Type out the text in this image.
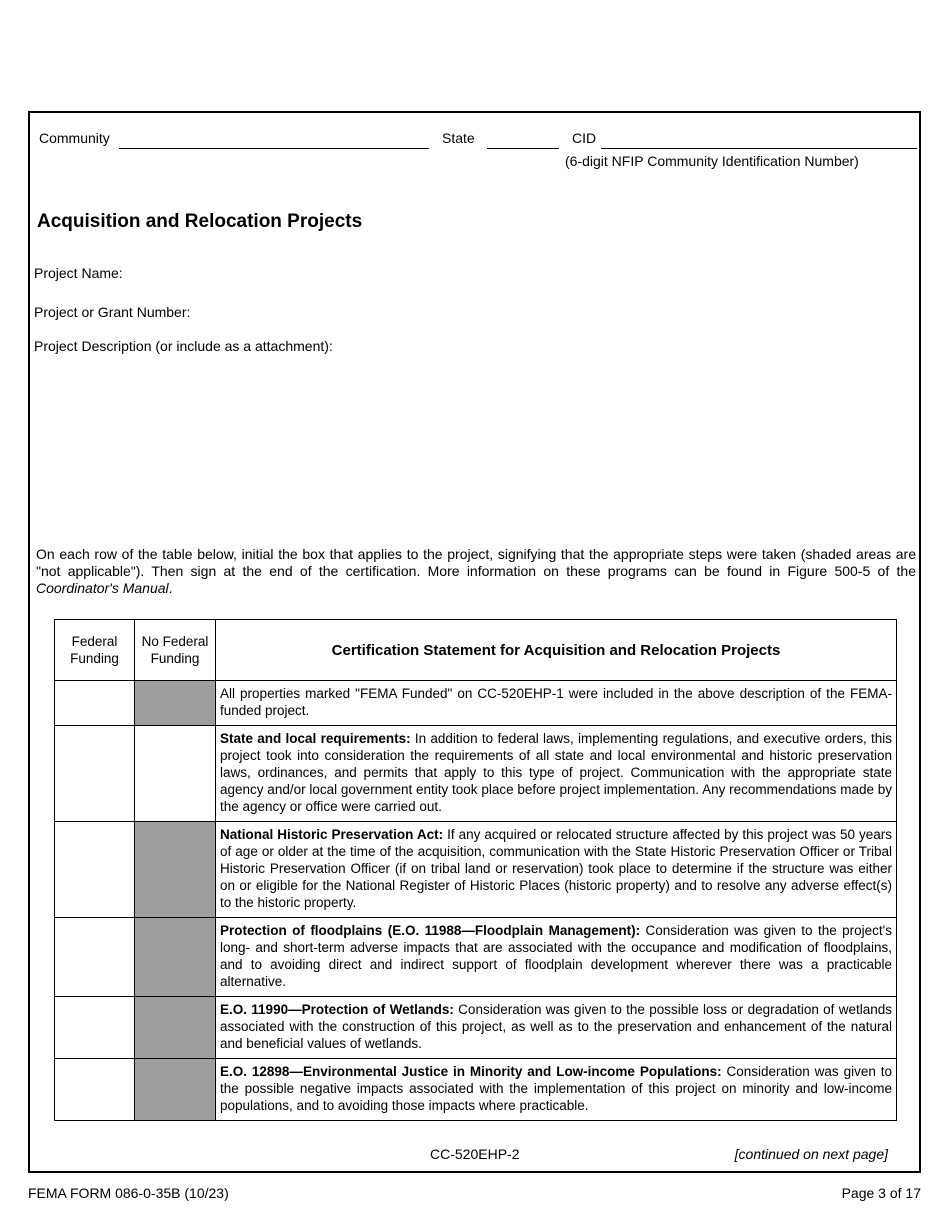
Community	State	CID
(6-digit NFIP Community Identification Number)
Acquisition and Relocation Projects
Project Name:
Project or Grant Number:
Project Description (or include as a attachment):
On each row of the table below, initial the box that applies to the project, signifying that the appropriate steps were taken (shaded areas are "not applicable"). Then sign at the end of the certification. More information on these programs can be found in Figure 500-5 of the Coordinator's Manual.
Federal Funding	No Federal Funding	Certification Statement for Acquisition and Relocation Projects
		All properties marked "FEMA Funded" on CC-520EHP-1 were included in the above description of the FEMA-funded project.
		State and local requirements: In addition to federal laws, implementing regulations, and executive orders, this project took into consideration the requirements of all state and local environmental and historic preservation laws, ordinances, and permits that apply to this type of project. Communication with the appropriate state agency and/or local government entity took place before project implementation. Any recommendations made by the agency or office were carried out.
		National Historic Preservation Act: If any acquired or relocated structure affected by this project was 50 years of age or older at the time of the acquisition, communication with the State Historic Preservation Officer or Tribal Historic Preservation Officer (if on tribal land or reservation) took place to determine if the structure was either on or eligible for the National Register of Historic Places (historic property) and to resolve any adverse effect(s) to the historic property.
		Protection of floodplains (E.O. 11988—Floodplain Management): Consideration was given to the project's long- and short-term adverse impacts that are associated with the occupance and modification of floodplains, and to avoiding direct and indirect support of floodplain development wherever there was a practicable alternative.
		E.O. 11990—Protection of Wetlands: Consideration was given to the possible loss or degradation of wetlands associated with the construction of this project, as well as to the preservation and enhancement of the natural and beneficial values of wetlands.
		E.O. 12898—Environmental Justice in Minority and Low-income Populations: Consideration was given to the possible negative impacts associated with the implementation of this project on minority and low-income populations, and to avoiding those impacts where practicable.
CC-520EHP-2	[continued on next page]
FEMA FORM 086-0-35B (10/23)	Page 3 of 17
